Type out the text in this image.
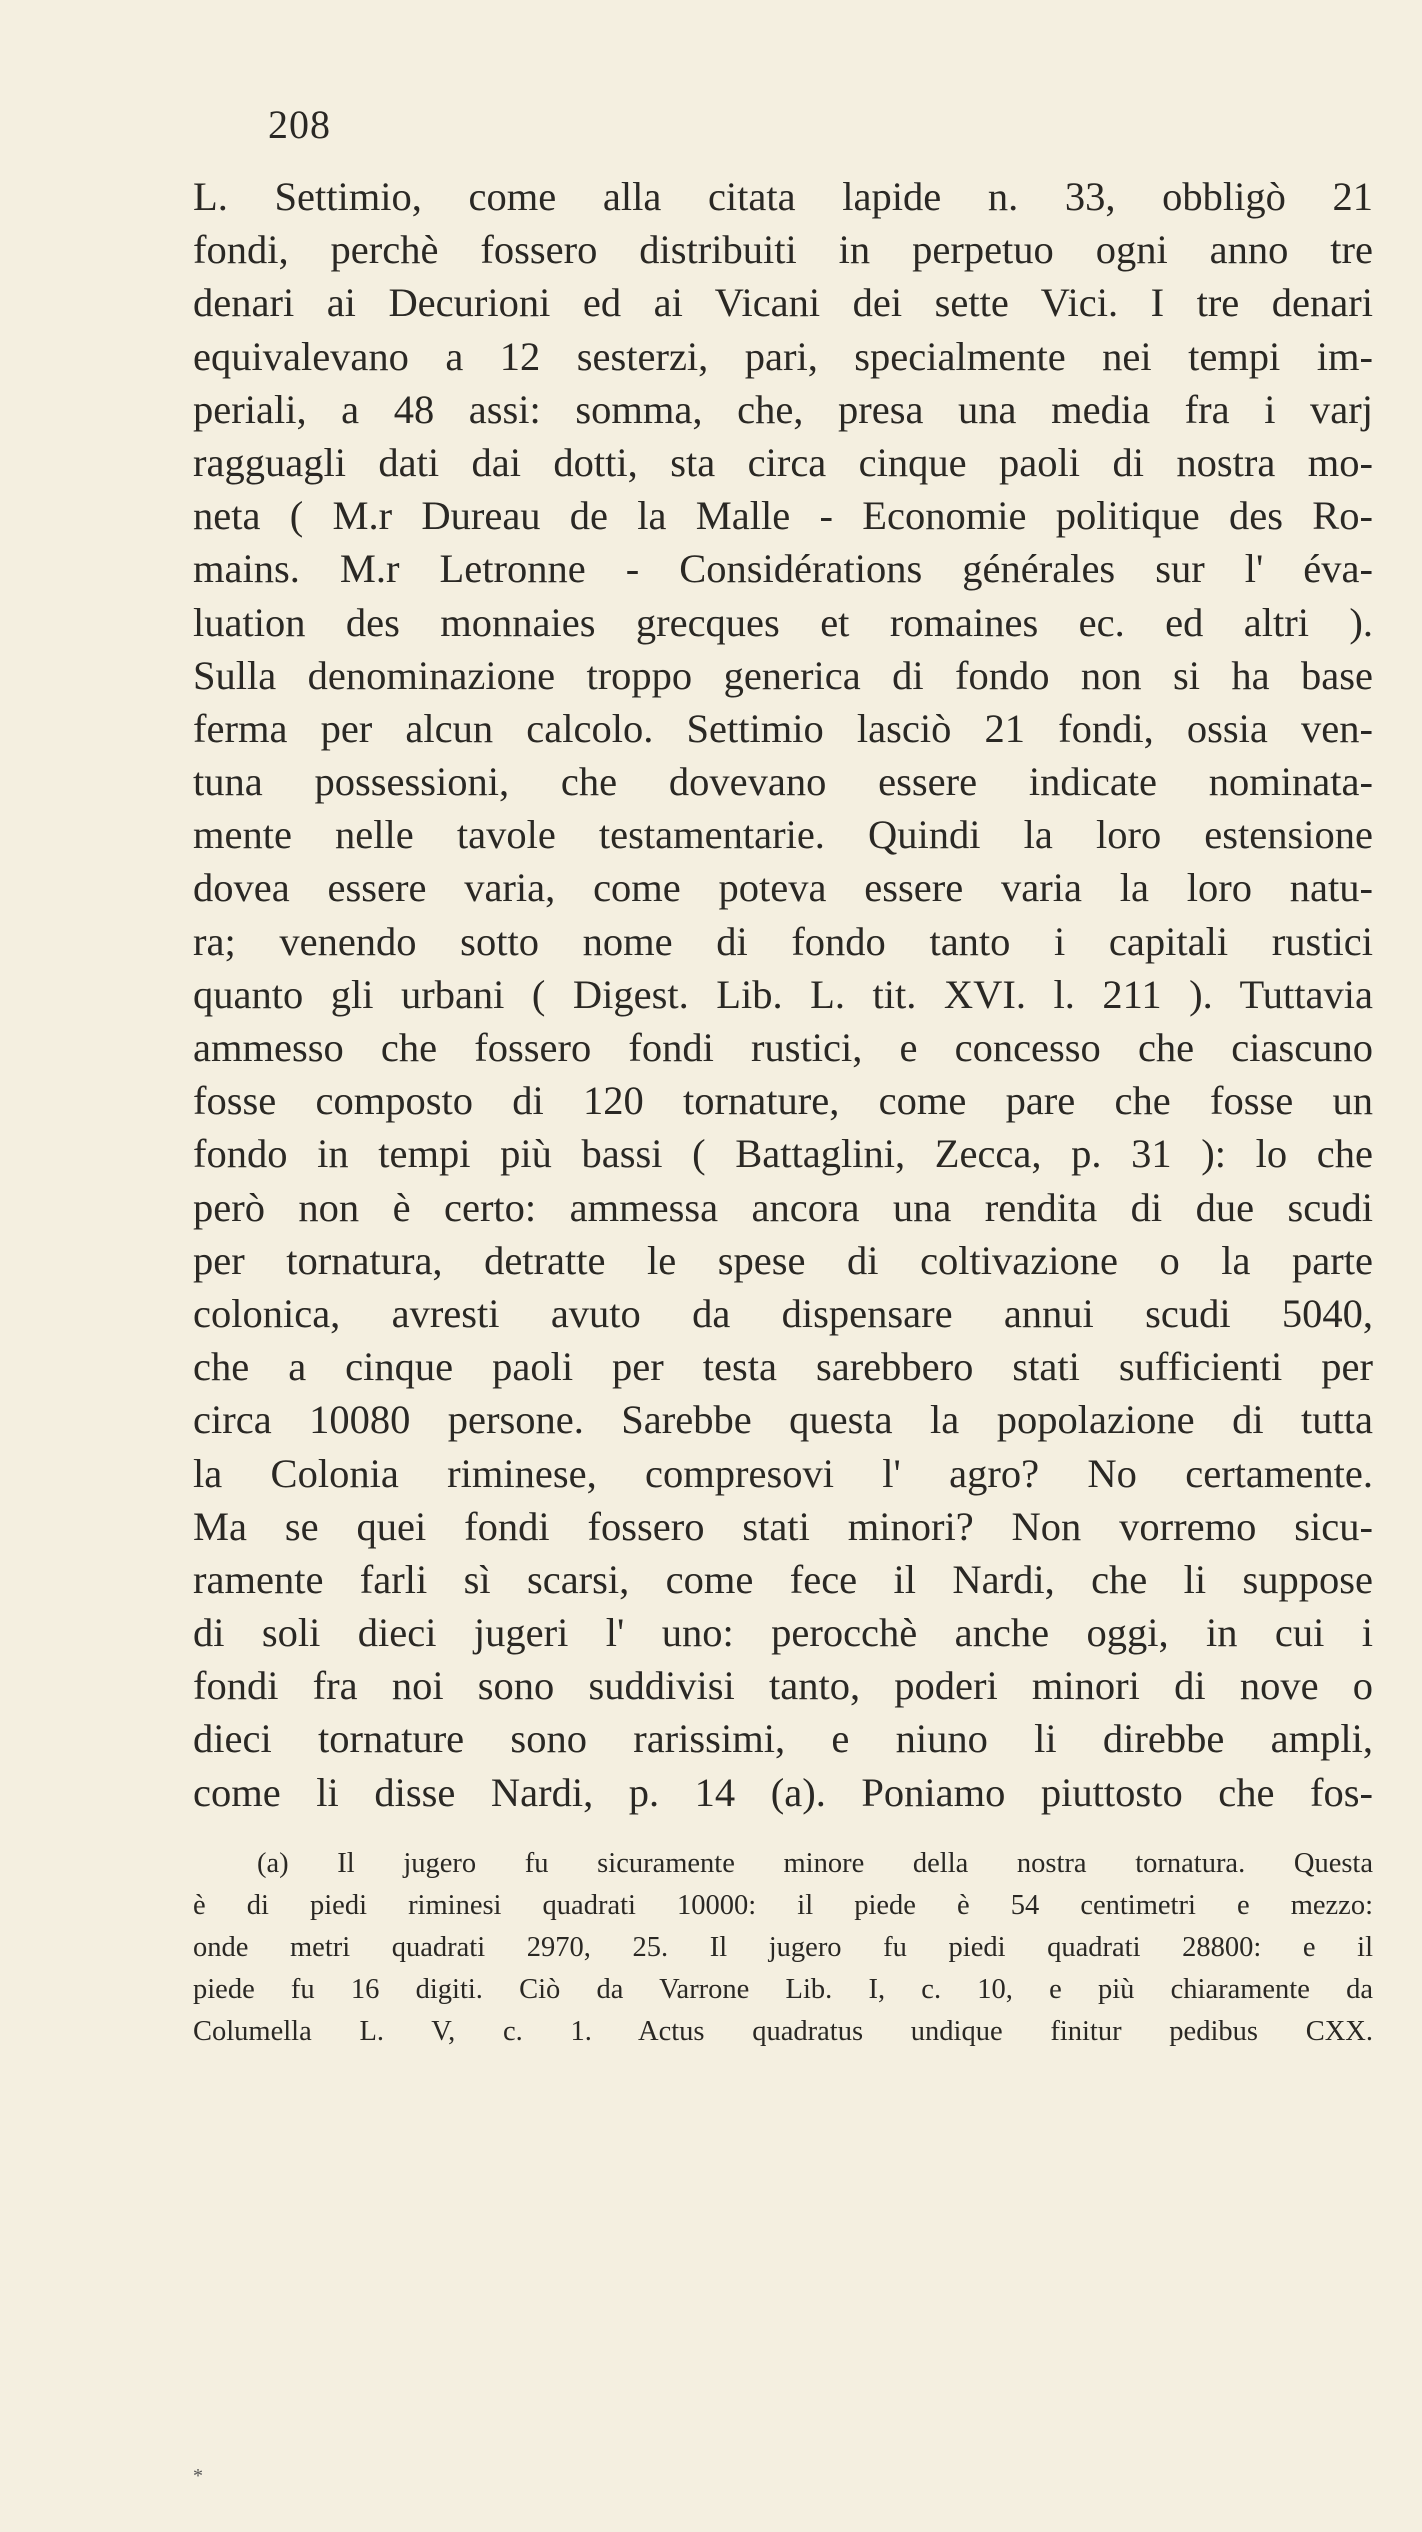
208
L. Settimio, come alla citata lapide n. 33, obbligò 21
fondi, perchè fossero distribuiti in perpetuo ogni anno tre
denari ai Decurioni ed ai Vicani dei sette Vici. I tre denari
equivalevano a 12 sesterzi, pari, specialmente nei tempi im-
periali, a 48 assi: somma, che, presa una media fra i varj
ragguagli dati dai dotti, sta circa cinque paoli di nostra mo-
neta ( M.r Dureau de la Malle - Economie politique des Ro-
mains. M.r Letronne - Considérations générales sur l' éva-
luation des monnaies grecques et romaines ec. ed altri ).
Sulla denominazione troppo generica di fondo non si ha base
ferma per alcun calcolo. Settimio lasciò 21 fondi, ossia ven-
tuna possessioni, che dovevano essere indicate nominata-
mente nelle tavole testamentarie. Quindi la loro estensione
dovea essere varia, come poteva essere varia la loro natu-
ra; venendo sotto nome di fondo tanto i capitali rustici
quanto gli urbani ( Digest. Lib. L. tit. XVI. l. 211 ). Tuttavia
ammesso che fossero fondi rustici, e concesso che ciascuno
fosse composto di 120 tornature, come pare che fosse un
fondo in tempi più bassi ( Battaglini, Zecca, p. 31 ): lo che
però non è certo: ammessa ancora una rendita di due scudi
per tornatura, detratte le spese di coltivazione o la parte
colonica, avresti avuto da dispensare annui scudi 5040,
che a cinque paoli per testa sarebbero stati sufficienti per
circa 10080 persone. Sarebbe questa la popolazione di tutta
la Colonia riminese, compresovi l' agro? No certamente.
Ma se quei fondi fossero stati minori? Non vorremo sicu-
ramente farli sì scarsi, come fece il Nardi, che li suppose
di soli dieci jugeri l' uno: perocchè anche oggi, in cui i
fondi fra noi sono suddivisi tanto, poderi minori di nove o
dieci tornature sono rarissimi, e niuno li direbbe ampli,
come li disse Nardi, p. 14 (a). Poniamo piuttosto che fos-
(a) Il jugero fu sicuramente minore della nostra tornatura. Questa
è di piedi riminesi quadrati 10000: il piede è 54 centimetri e mezzo:
onde metri quadrati 2970, 25. Il jugero fu piedi quadrati 28800: e il
piede fu 16 digiti. Ciò da Varrone Lib. I, c. 10, e più chiaramente da
Columella L. V, c. 1. Actus quadratus undique finitur pedibus CXX.
*
